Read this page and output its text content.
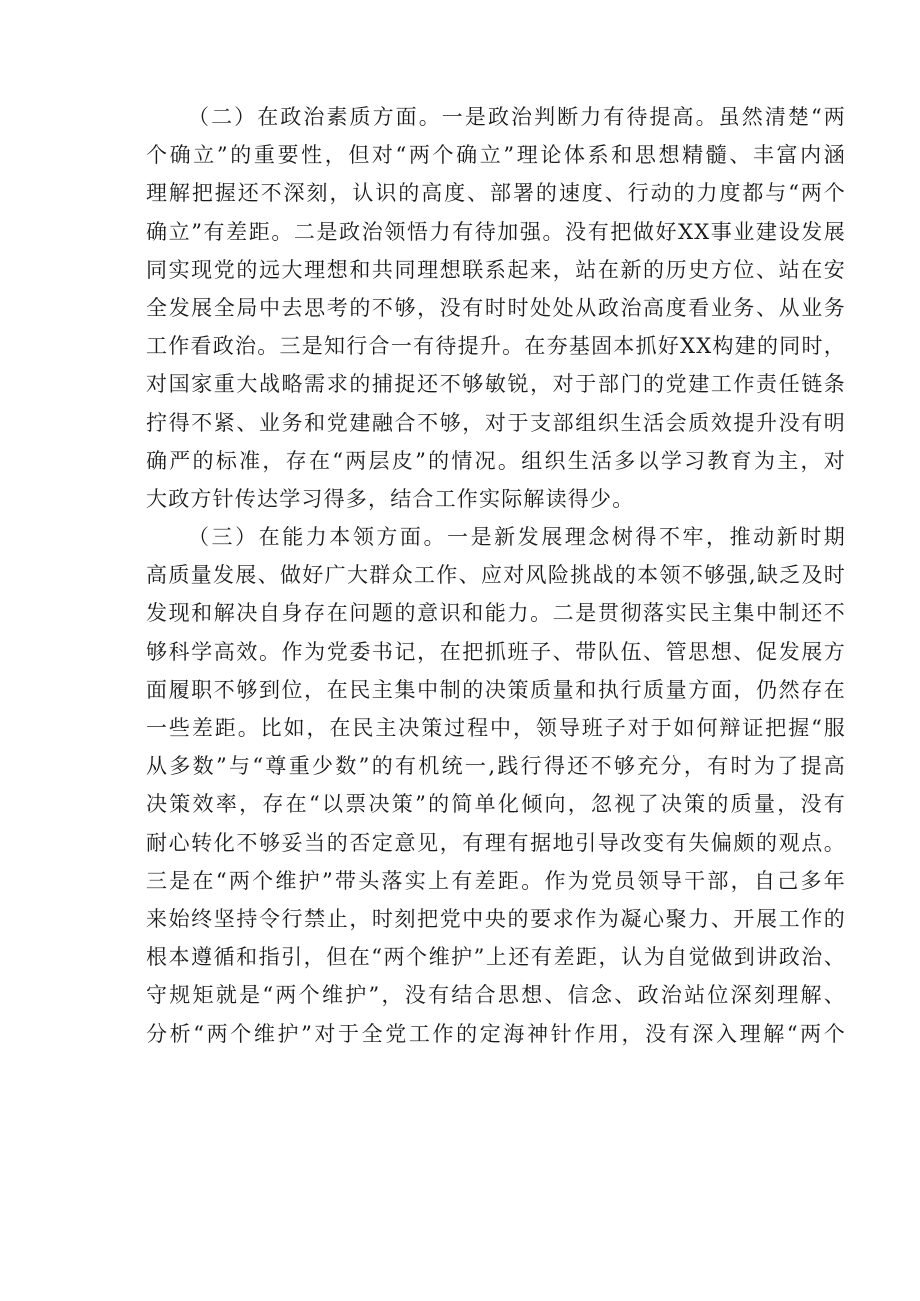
（二）在政治素质方面。一是政治判断力有待提高。虽然清楚“两
个确立”的重要性，但对“两个确立”理论体系和思想精髓、丰富内涵
理解把握还不深刻，认识的高度、部署的速度、行动的力度都与“两个
确立”有差距。二是政治领悟力有待加强。没有把做好XX事业建设发展
同实现党的远大理想和共同理想联系起来，站在新的历史方位、站在安
全发展全局中去思考的不够，没有时时处处从政治高度看业务、从业务
工作看政治。三是知行合一有待提升。在夯基固本抓好XX构建的同时，
对国家重大战略需求的捕捉还不够敏锐，对于部门的党建工作责任链条
拧得不紧、业务和党建融合不够，对于支部组织生活会质效提升没有明
确严的标准，存在“两层皮”的情况。组织生活多以学习教育为主，对
大政方针传达学习得多，结合工作实际解读得少。
（三）在能力本领方面。一是新发展理念树得不牢，推动新时期
高质量发展、做好广大群众工作、应对风险挑战的本领不够强,缺乏及时
发现和解决自身存在问题的意识和能力。二是贯彻落实民主集中制还不
够科学高效。作为党委书记，在把抓班子、带队伍、管思想、促发展方
面履职不够到位，在民主集中制的决策质量和执行质量方面，仍然存在
一些差距。比如，在民主决策过程中，领导班子对于如何辩证把握“服
从多数”与“尊重少数”的有机统一,践行得还不够充分，有时为了提高
决策效率，存在“以票决策”的简单化倾向，忽视了决策的质量，没有
耐心转化不够妥当的否定意见，有理有据地引导改变有失偏颇的观点。
三是在“两个维护”带头落实上有差距。作为党员领导干部，自己多年
来始终坚持令行禁止，时刻把党中央的要求作为凝心聚力、开展工作的
根本遵循和指引，但在“两个维护”上还有差距，认为自觉做到讲政治、
守规矩就是“两个维护”，没有结合思想、信念、政治站位深刻理解、
分析“两个维护”对于全党工作的定海神针作用，没有深入理解“两个
